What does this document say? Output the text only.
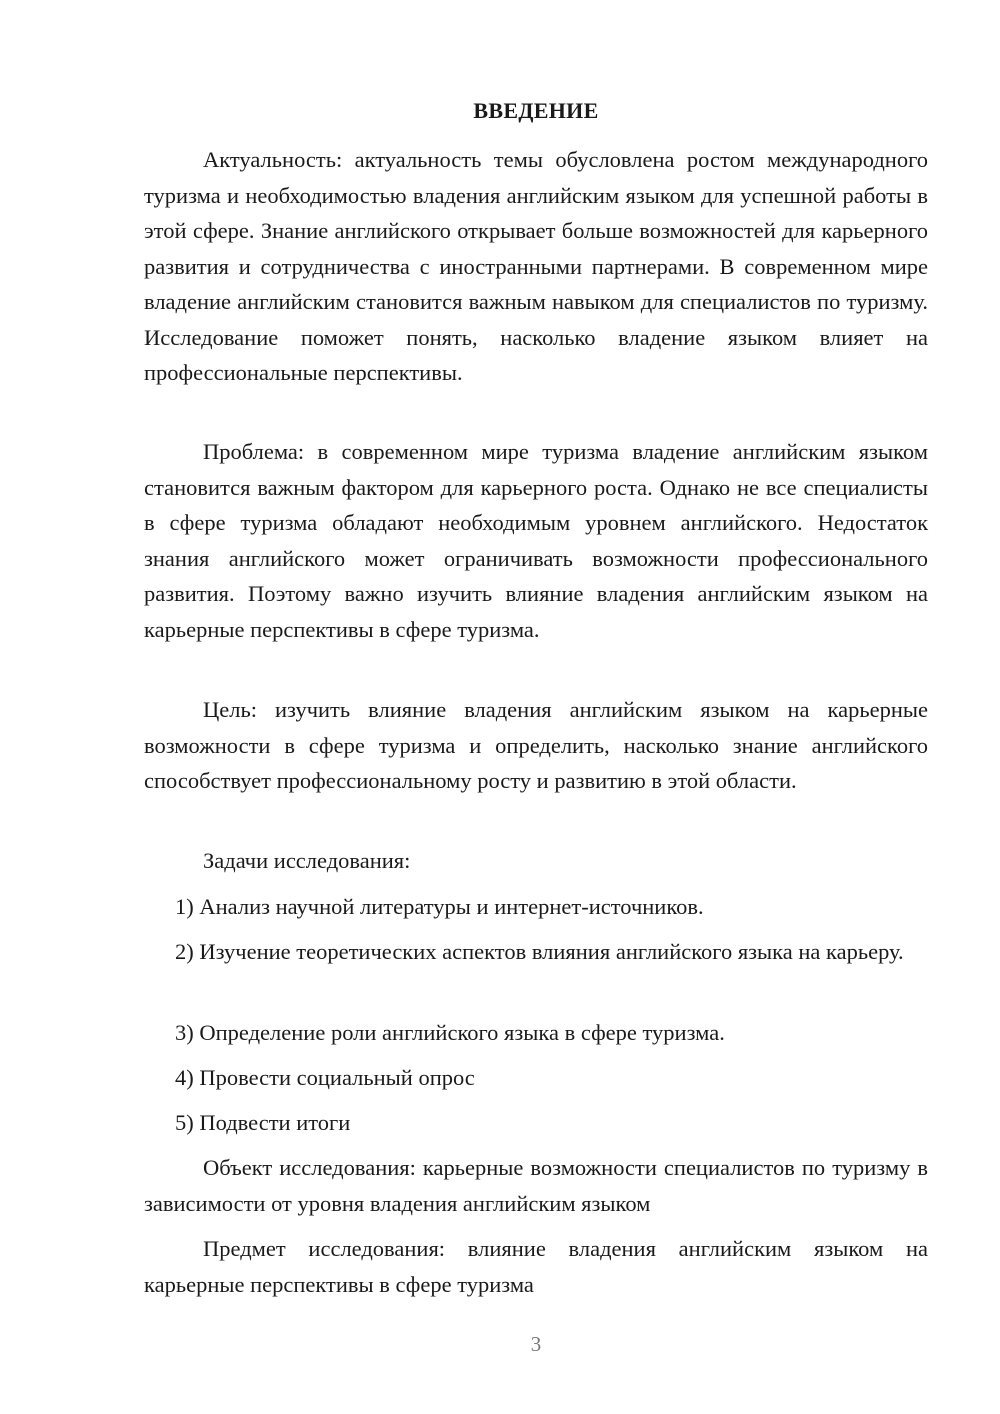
ВВЕДЕНИЕ

Актуальность: актуальность темы обусловлена ростом международного туризма и необходимостью владения английским языком для успешной работы в этой сфере. Знание английского открывает больше возможностей для карьерного развития и сотрудничества с иностранными партнерами. В современном мире владение английским становится важным навыком для специалистов по туризму. Исследование поможет понять, насколько владение языком влияет на профессиональные перспективы.

Проблема: в современном мире туризма владение английским языком становится важным фактором для карьерного роста. Однако не все специалисты в сфере туризма обладают необходимым уровнем английского. Недостаток знания английского может ограничивать возможности профессионального развития. Поэтому важно изучить влияние владения английским языком на карьерные перспективы в сфере туризма.

Цель: изучить влияние владения английским языком на карьерные возможности в сфере туризма и определить, насколько знание английского способствует профессиональному росту и развитию в этой области.

Задачи исследования:

1) Анализ научной литературы и интернет-источников.

2) Изучение теоретических аспектов влияния английского языка на карьеру.

3) Определение роли английского языка в сфере туризма.

4) Провести социальный опрос

5) Подвести итоги

Объект исследования: карьерные возможности специалистов по туризму в зависимости от уровня владения английским языком

Предмет исследования: влияние владения английским языком на карьерные перспективы в сфере туризма

3
